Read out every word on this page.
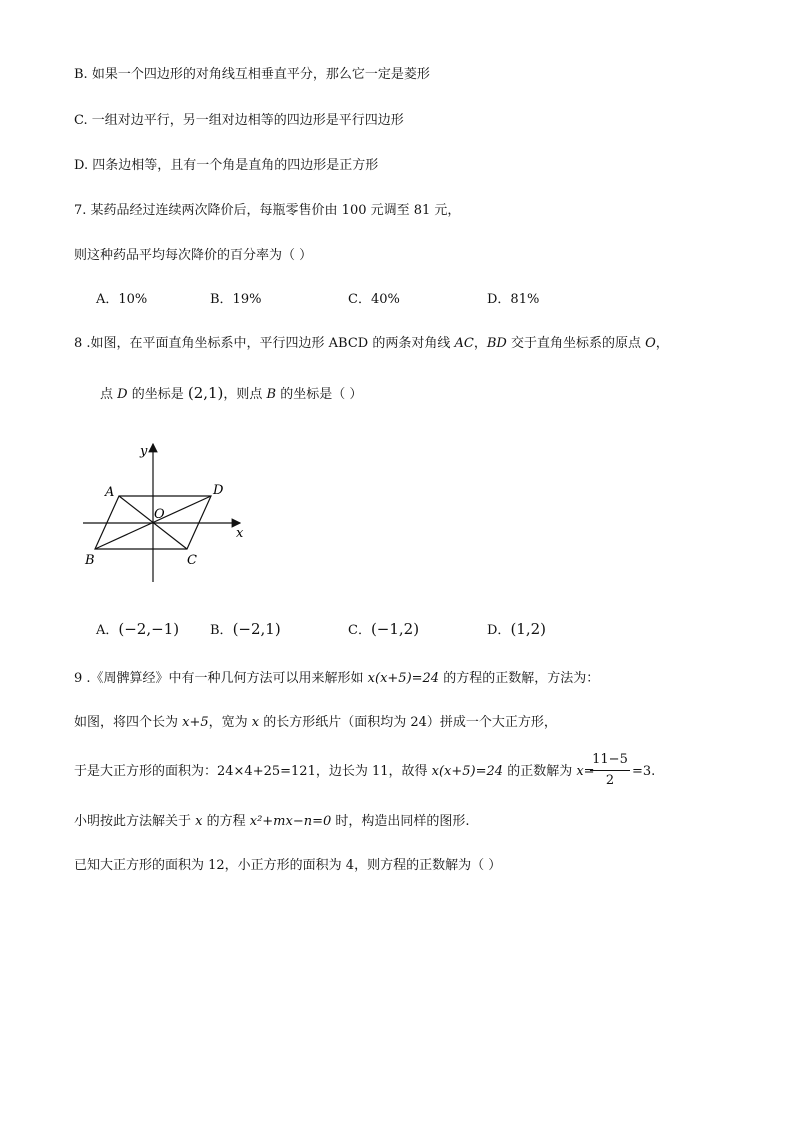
B. 如果一个四边形的对角线互相垂直平分，那么它一定是菱形
C. 一组对边平行，另一组对边相等的四边形是平行四边形
D. 四条边相等，且有一个角是直角的四边形是正方形
7. 某药品经过连续两次降价后，每瓶零售价由 100 元调至 81 元，
则这种药品平均每次降价的百分率为（ ）
A．10%	B．19%	C．40%	D．81%
8 .如图，在平面直角坐标系中，平行四边形 ABCD 的两条对角线 AC，BD 交于直角坐标系的原点 O，
点 D 的坐标是 (2,1)，则点 B 的坐标是（ ）
y
x
A	D
O
B	C
A．(−2,−1) B．(−2,1)	C．(−1,2)	D．(1,2)
9 .《周髀算经》中有一种几何方法可以用来解形如 x(x+5)=24 的方程的正数解，方法为：
如图，将四个长为 x+5，宽为 x 的长方形纸片（面积均为 24）拼成一个大正方形，
于是大正方形的面积为：24×4+25=121，边长为 11，故得 x(x+5)=24 的正数解为 x=
11−5
2
=3.
小明按此方法解关于 x 的方程 x²+mx−n=0 时，构造出同样的图形.
已知大正方形的面积为 12，小正方形的面积为 4，则方程的正数解为（ ）
